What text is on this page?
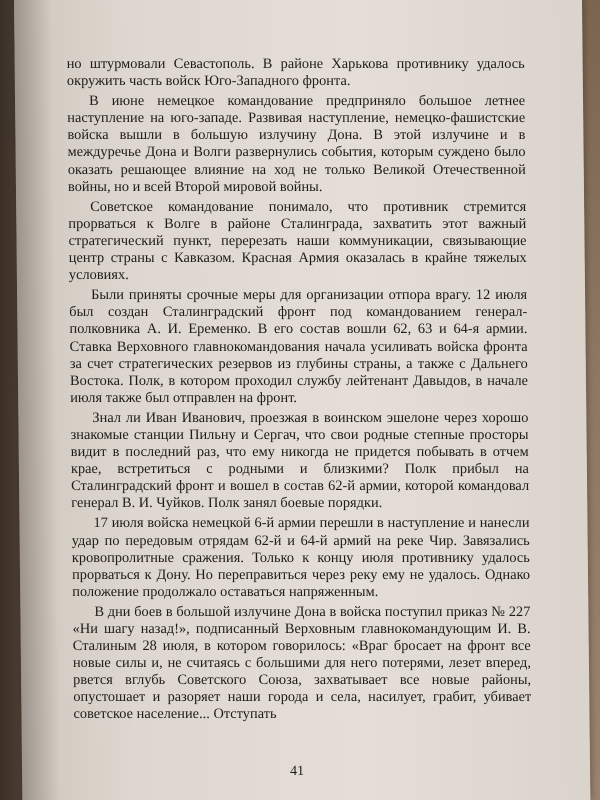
но штурмовали Севастополь. В районе Харькова противнику удалось окружить часть войск Юго-Западного фронта.

В июне немецкое командование предприняло большое летнее наступление на юго-западе. Развивая наступление, немецко-фашистские войска вышли в большую излучину Дона. В этой излучине и в междуречье Дона и Волги развернулись события, которым суждено было оказать решающее влияние на ход не только Великой Отечественной войны, но и всей Второй мировой войны.

Советское командование понимало, что противник стремится прорваться к Волге в районе Сталинграда, захватить этот важный стратегический пункт, перерезать наши коммуникации, связывающие центр страны с Кавказом. Красная Армия оказалась в крайне тяжелых условиях.

Были приняты срочные меры для организации отпора врагу. 12 июля был создан Сталинградский фронт под командованием генерал-полковника А. И. Еременко. В его состав вошли 62, 63 и 64-я армии. Ставка Верховного главнокомандования начала усиливать войска фронта за счет стратегических резервов из глубины страны, а также с Дальнего Востока. Полк, в котором проходил службу лейтенант Давыдов, в начале июля также был отправлен на фронт.

Знал ли Иван Иванович, проезжая в воинском эшелоне через хорошо знакомые станции Пильну и Сергач, что свои родные степные просторы видит в последний раз, что ему никогда не придется побывать в отчем крае, встретиться с родными и близкими? Полк прибыл на Сталинградский фронт и вошел в состав 62-й армии, которой командовал генерал В. И. Чуйков. Полк занял боевые порядки.

17 июля войска немецкой 6-й армии перешли в наступление и нанесли удар по передовым отрядам 62-й и 64-й армий на реке Чир. Завязались кровопролитные сражения. Только к концу июля противнику удалось прорваться к Дону. Но переправиться через реку ему не удалось. Однако положение продолжало оставаться напряженным.

В дни боев в большой излучине Дона в войска поступил приказ № 227 «Ни шагу назад!», подписанный Верховным главнокомандующим И. В. Сталиным 28 июля, в котором говорилось: «Враг бросает на фронт все новые силы и, не считаясь с большими для него потерями, лезет вперед, рвется вглубь Советского Союза, захватывает все новые районы, опустошает и разоряет наши города и села, насилует, грабит, убивает советское население... Отступать

41
